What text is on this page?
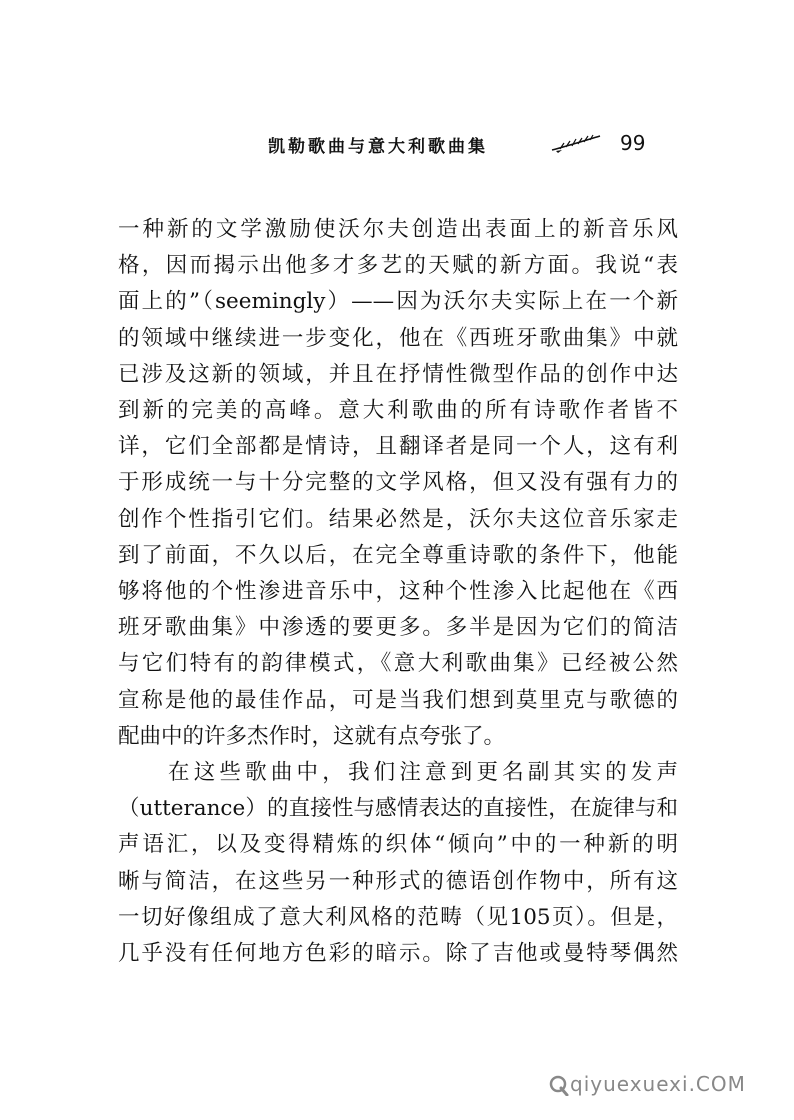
凯勒歌曲与意大利歌曲集	99
一种新的文学激励使沃尔夫创造出表面上的新音乐风
格，因而揭示出他多才多艺的天赋的新方面。我说“表
面上的”（seemingly）——因为沃尔夫实际上在一个新
的领域中继续进一步变化，他在《西班牙歌曲集》中就
已涉及这新的领域，并且在抒情性微型作品的创作中达
到新的完美的高峰。意大利歌曲的所有诗歌作者皆不
详，它们全部都是情诗，且翻译者是同一个人，这有利
于形成统一与十分完整的文学风格，但又没有强有力的
创作个性指引它们。结果必然是，沃尔夫这位音乐家走
到了前面，不久以后，在完全尊重诗歌的条件下，他能
够将他的个性渗进音乐中，这种个性渗入比起他在《西
班牙歌曲集》中渗透的要更多。多半是因为它们的简洁
与它们特有的韵律模式，《意大利歌曲集》已经被公然
宣称是他的最佳作品，可是当我们想到莫里克与歌德的
配曲中的许多杰作时，这就有点夸张了。
在这些歌曲中，我们注意到更名副其实的发声
（utterance）的直接性与感情表达的直接性，在旋律与和
声语汇，以及变得精炼的织体“倾向”中的一种新的明
晰与简洁，在这些另一种形式的德语创作物中，所有这
一切好像组成了意大利风格的范畴（见105页）。但是，
几乎没有任何地方色彩的暗示。除了吉他或曼特琴偶然
qiyuexuexi.COM
